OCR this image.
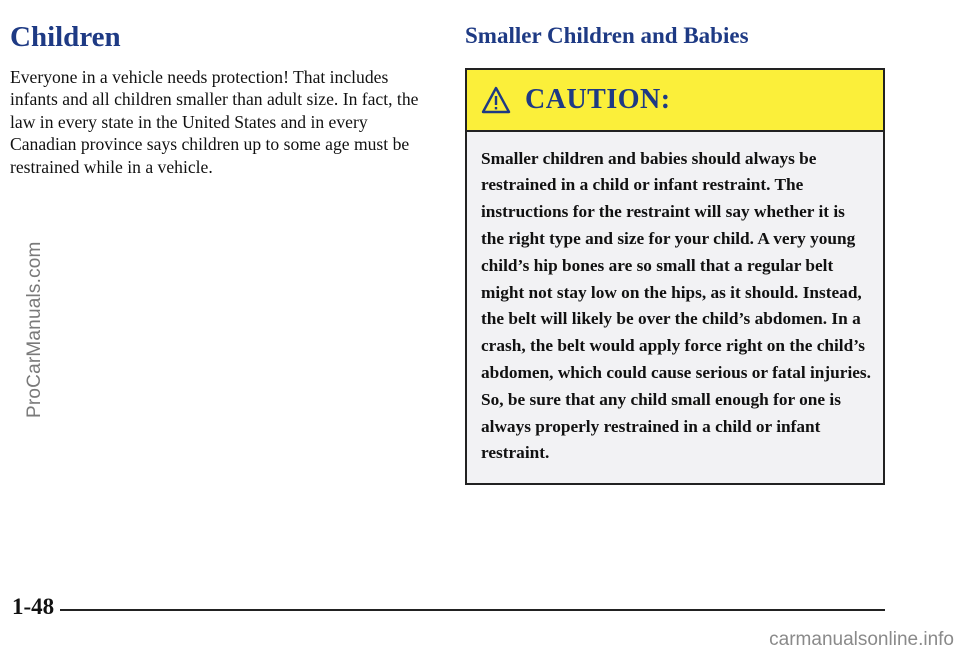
Children

Everyone in a vehicle needs protection! That includes infants and all children smaller than adult size. In fact, the law in every state in the United States and in every Canadian province says children up to some age must be restrained while in a vehicle.

Smaller Children and Babies
CAUTION:

Smaller children and babies should always be restrained in a child or infant restraint. The instructions for the restraint will say whether it is the right type and size for your child. A very young child’s hip bones are so small that a regular belt might not stay low on the hips, as it should. Instead, the belt will likely be over the child’s abdomen. In a crash, the belt would apply force right on the child’s abdomen, which could cause serious or fatal injuries. So, be sure that any child small enough for one is always properly restrained in a child or infant restraint.

1-48
ProCarManuals.com
carmanualsonline.info
